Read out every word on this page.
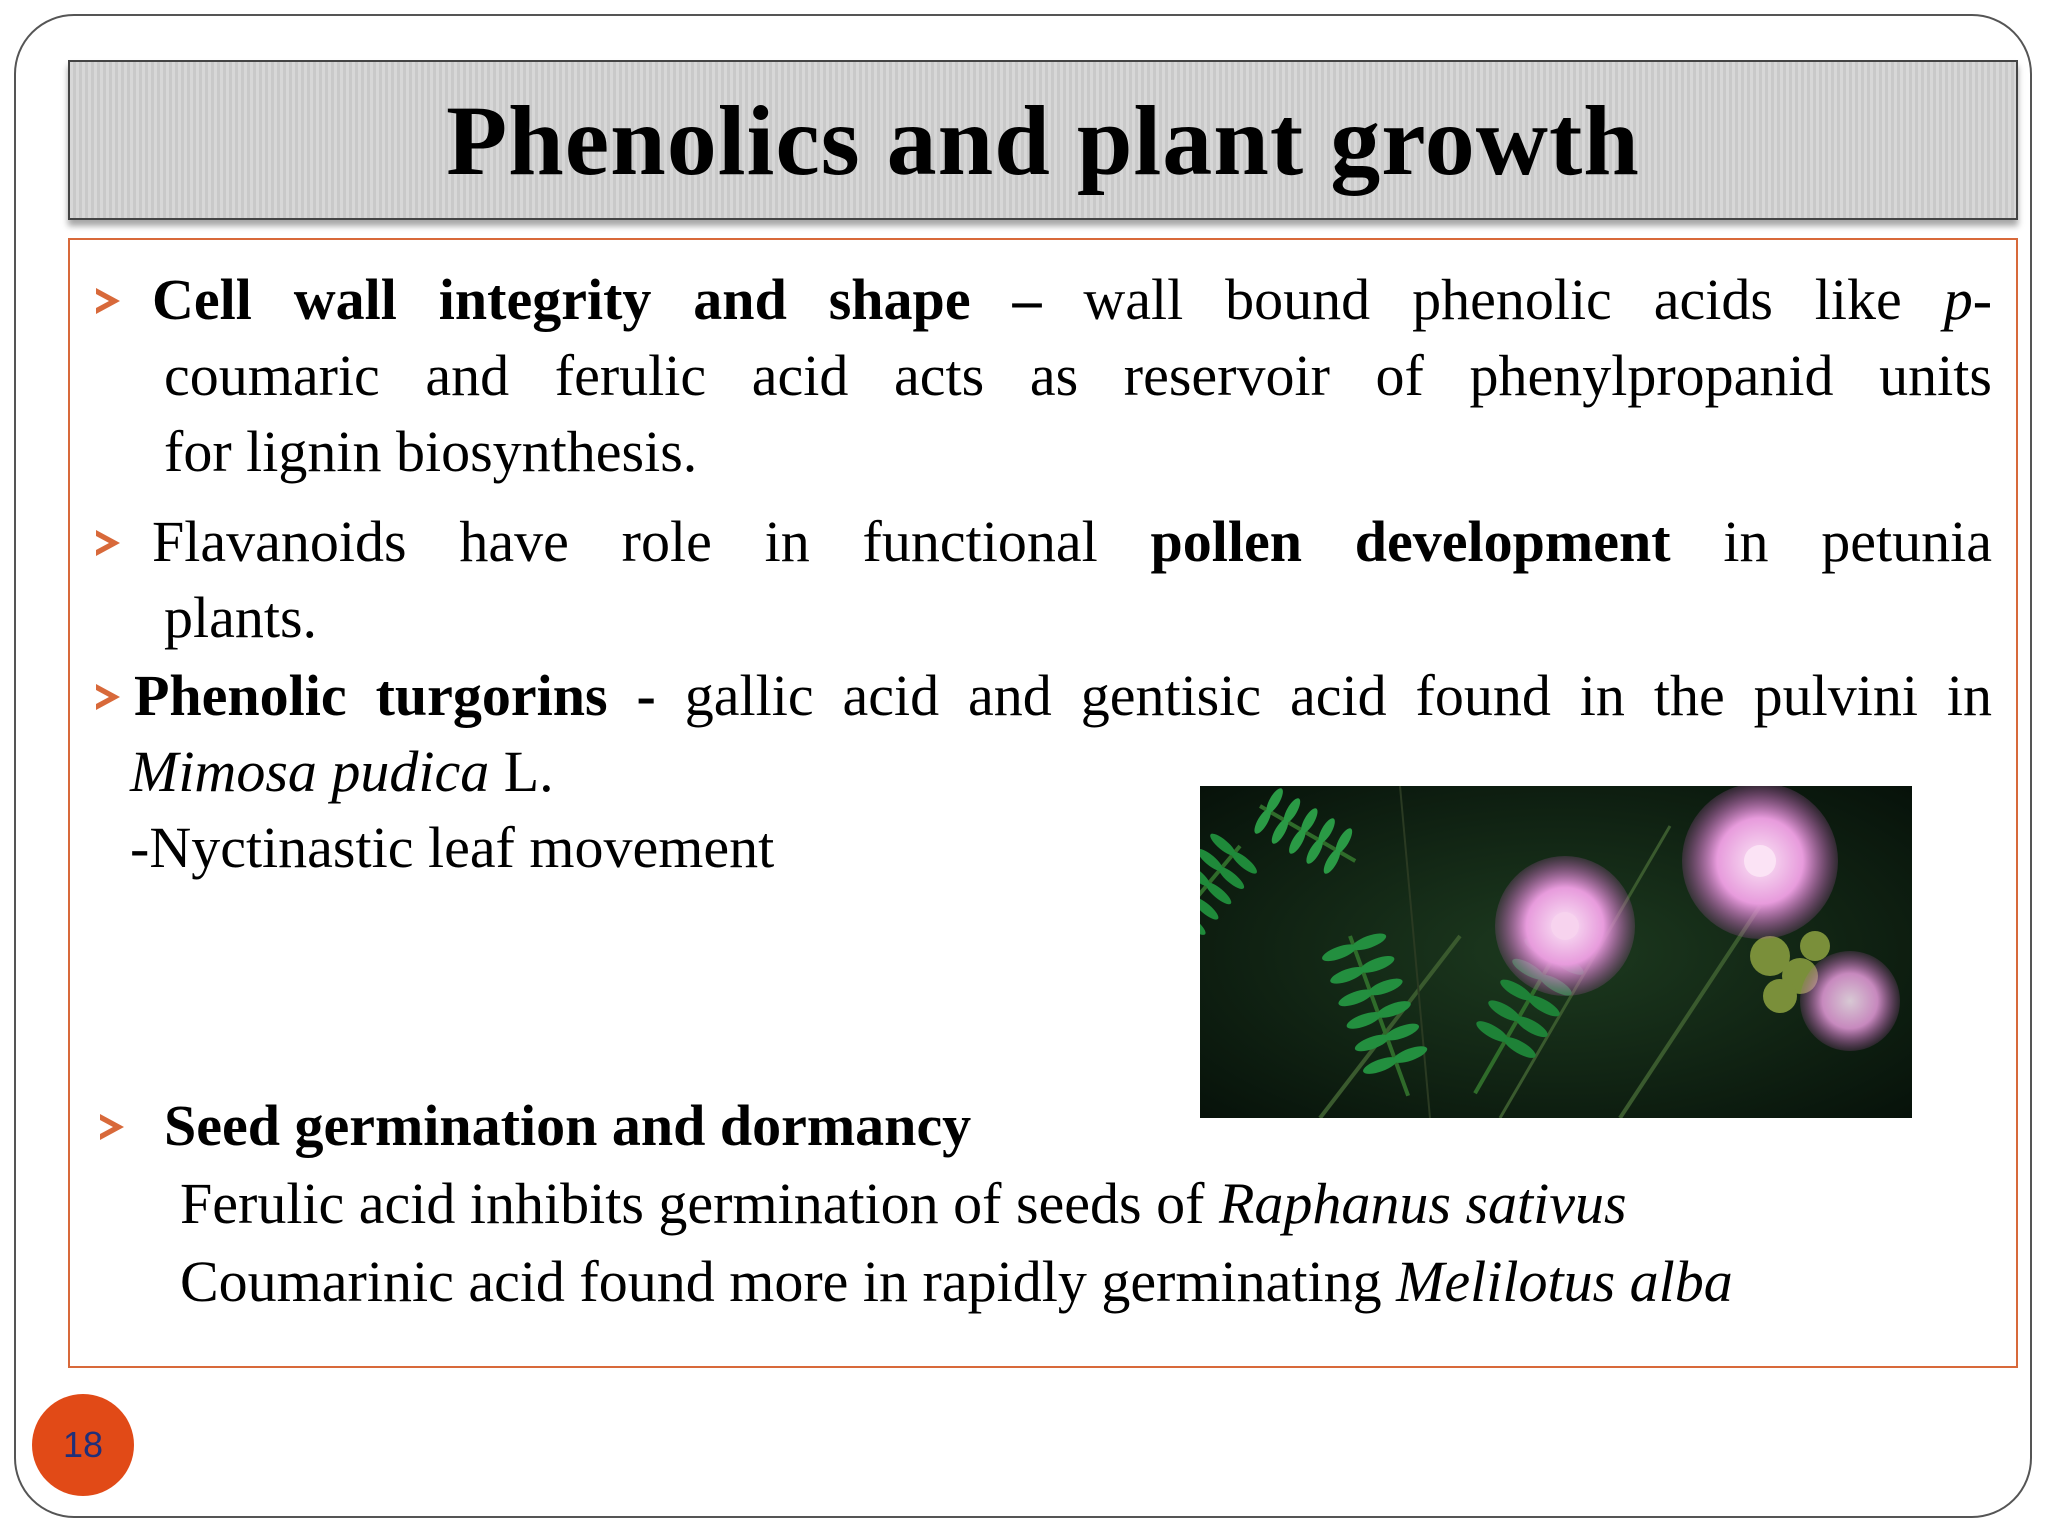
Phenolics and plant growth
Cell wall integrity and shape – wall bound phenolic acids like p-
coumaric and ferulic acid acts as reservoir of phenylpropanid units
for lignin biosynthesis.
Flavanoids have role in functional pollen development in petunia
plants.
Phenolic turgorins - gallic acid and gentisic acid found in the pulvini in
Mimosa pudica L.
-Nyctinastic leaf movement
Seed germination and dormancy
Ferulic acid inhibits germination of seeds of Raphanus sativus
Coumarinic acid found more in rapidly germinating Melilotus alba
18
